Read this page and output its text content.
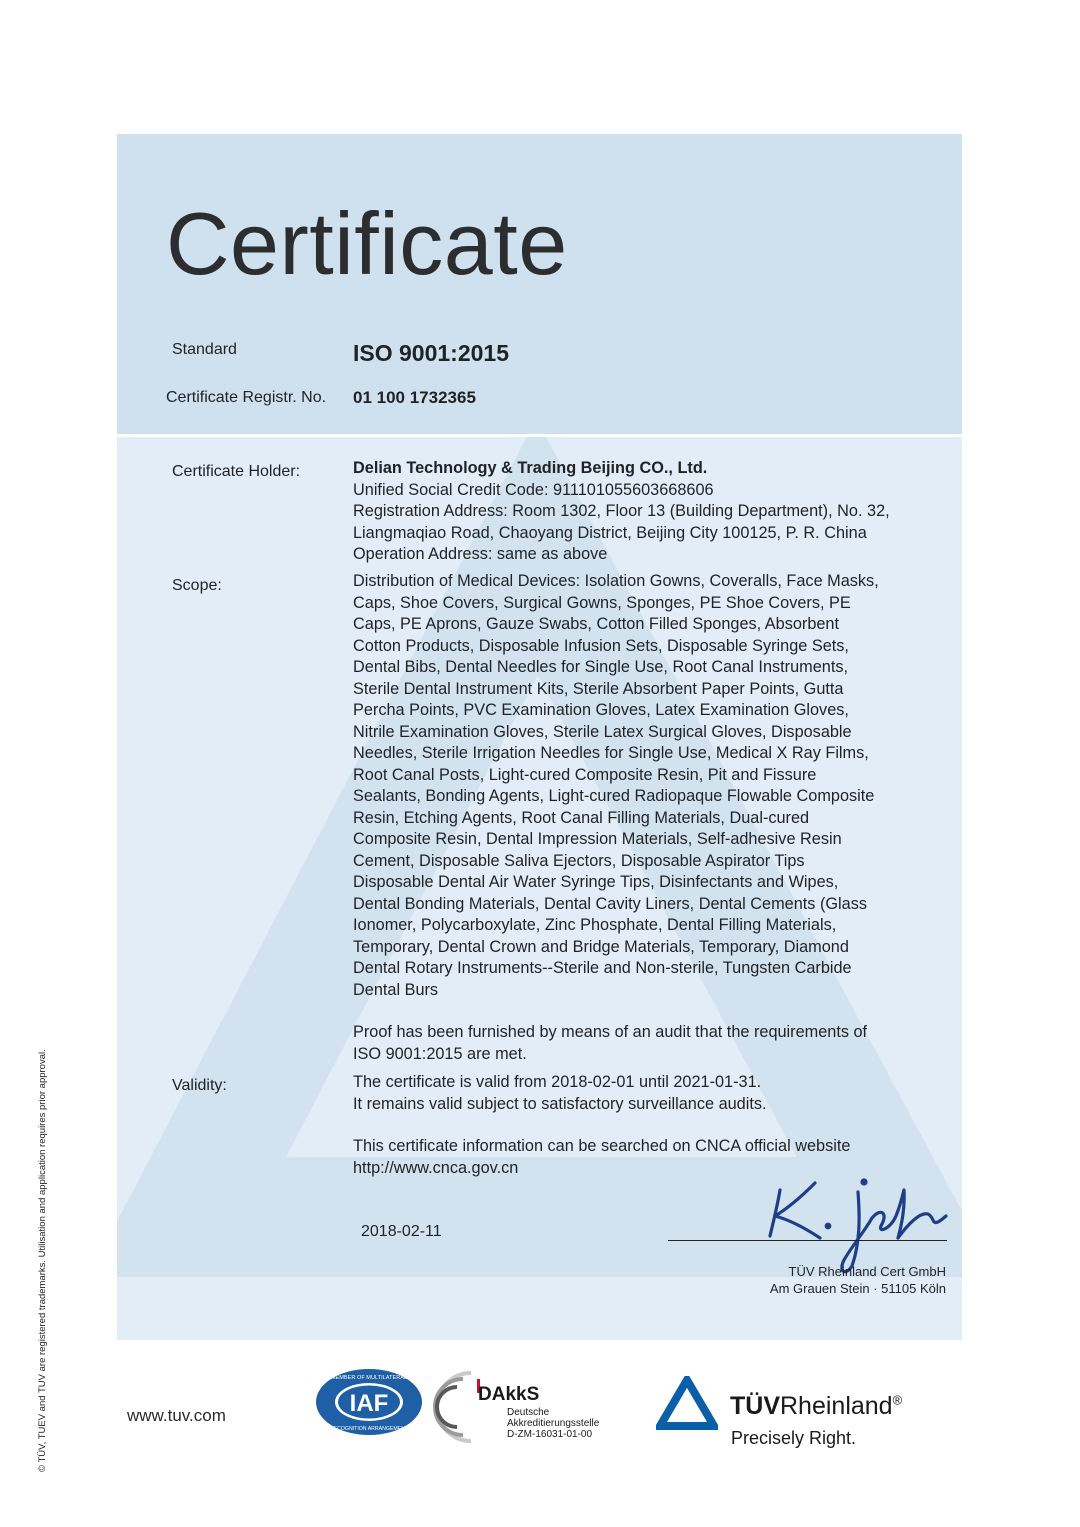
Certificate
Standard	ISO 9001:2015
Certificate Registr. No. 01 100 1732365
Certificate Holder:	Delian Technology & Trading Beijing CO., Ltd.
Unified Social Credit Code: 91110105560366860​6
Registration Address: Room 1302, Floor 13 (Building Department), No. 32,
Liangmaqiao Road, Chaoyang District, Beijing City 100125, P. R. China
Operation Address: same as above
Scope:	Distribution of Medical Devices: Isolation Gowns, Coveralls, Face Masks,
Caps, Shoe Covers, Surgical Gowns, Sponges, PE Shoe Covers, PE
Caps, PE Aprons, Gauze Swabs, Cotton Filled Sponges, Absorbent
Cotton Products, Disposable Infusion Sets, Disposable Syringe Sets,
Dental Bibs, Dental Needles for Single Use, Root Canal Instruments,
Sterile Dental Instrument Kits, Sterile Absorbent Paper Points, Gutta
Percha Points, PVC Examination Gloves, Latex Examination Gloves,
Nitrile Examination Gloves, Sterile Latex Surgical Gloves, Disposable
Needles, Sterile Irrigation Needles for Single Use, Medical X Ray Films,
Root Canal Posts, Light-cured Composite Resin, Pit and Fissure
Sealants, Bonding Agents, Light-cured Radiopaque Flowable Composite
Resin, Etching Agents, Root Canal Filling Materials, Dual-cured
Composite Resin, Dental Impression Materials, Self-adhesive Resin
Cement, Disposable Saliva Ejectors, Disposable Aspirator Tips
Disposable Dental Air Water Syringe Tips, Disinfectants and Wipes,
Dental Bonding Materials, Dental Cavity Liners, Dental Cements (Glass
Ionomer, Polycarboxylate, Zinc Phosphate, Dental Filling Materials,
Temporary, Dental Crown and Bridge Materials, Temporary, Diamond
Dental Rotary Instruments--Sterile and Non-sterile, Tungsten Carbide
Dental Burs
Proof has been furnished by means of an audit that the requirements of
ISO 9001:2015 are met.
Validity:	The certificate is valid from 2018-02-01 until 2021-01-31.
It remains valid subject to satisfactory surveillance audits.
This certificate information can be searched on CNCA official website
http://www.cnca.gov.cn
2018-02-11
TÜV Rheinland Cert GmbH
Am Grauen Stein · 51105 Köln
© TÜV, TUEV and TUV are registered trademarks. Utilisation and application requires prior approval.	www.tuv.com	IAF
MEMBER OF MULTILATERAL
RECOGNITION ARRANGEMENT
DAkkS
Deutsche
Akkreditierungsstelle
D-ZM-16031-01-00
TÜVRheinland®
Precisely Right.
